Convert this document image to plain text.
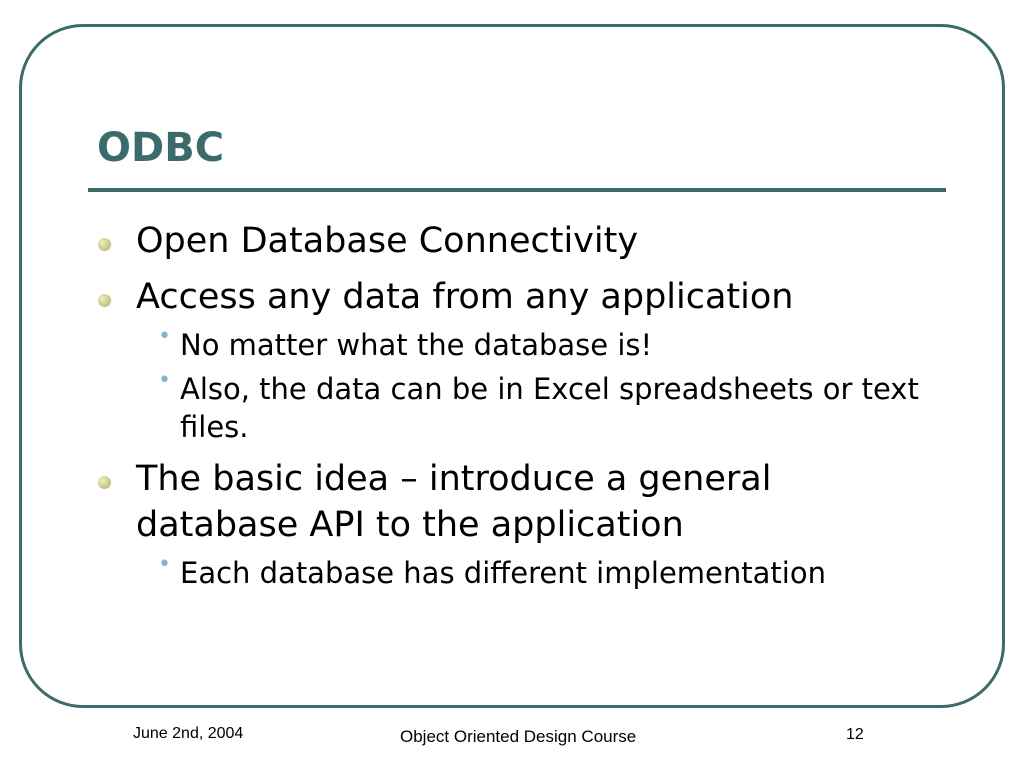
ODBC
Open Database Connectivity
Access any data from any application
• No matter what the database is!
• Also, the data can be in Excel spreadsheets or text files.
The basic idea – introduce a general database API to the application
• Each database has different implementation
June 2nd, 2004	Object Oriented Design Course	12
